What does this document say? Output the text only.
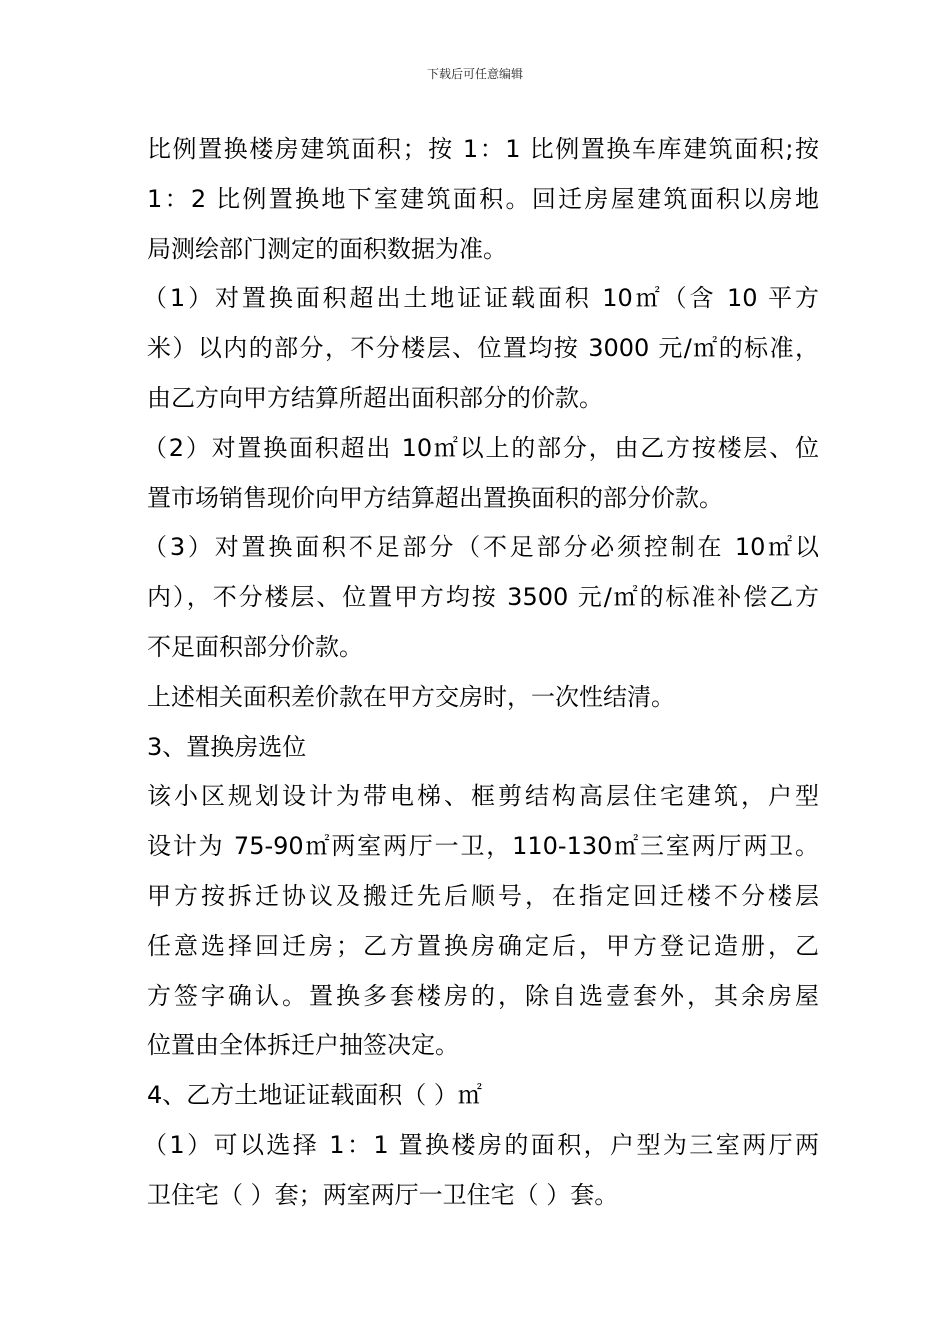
下载后可任意编辑
比例置换楼房建筑面积；按 1：1 比例置换车库建筑面积;按
1：2 比例置换地下室建筑面积。回迁房屋建筑面积以房地
局测绘部门测定的面积数据为准。
（1）对置换面积超出土地证证载面积 10㎡（含 10 平方
米）以内的部分，不分楼层、位置均按 3000 元/㎡的标准，
由乙方向甲方结算所超出面积部分的价款。
（2）对置换面积超出 10㎡以上的部分，由乙方按楼层、位
置市场销售现价向甲方结算超出置换面积的部分价款。
（3）对置换面积不足部分（不足部分必须控制在 10㎡以
内），不分楼层、位置甲方均按 3500 元/㎡的标准补偿乙方
不足面积部分价款。
上述相关面积差价款在甲方交房时，一次性结清。
3、置换房选位
该小区规划设计为带电梯、框剪结构高层住宅建筑，户型
设计为 75-90㎡两室两厅一卫，110-130㎡三室两厅两卫。
甲方按拆迁协议及搬迁先后顺号，在指定回迁楼不分楼层
任意选择回迁房；乙方置换房确定后，甲方登记造册，乙
方签字确认。置换多套楼房的，除自选壹套外，其余房屋
位置由全体拆迁户抽签决定。
4、乙方土地证证载面积（ ）㎡
（1）可以选择 1：1 置换楼房的面积，户型为三室两厅两
卫住宅（ ）套；两室两厅一卫住宅（ ）套。
